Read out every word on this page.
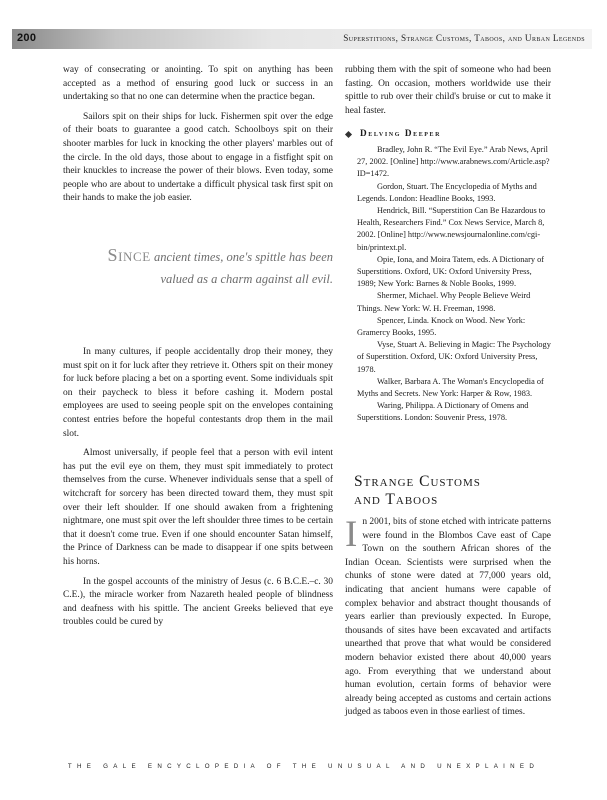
200	Superstitions, Strange Customs, Taboos, and Urban Legends

way of consecrating or anointing. To spit on anything has been accepted as a method of ensuring good luck or success in an undertaking so that no one can determine when the practice began.

Sailors spit on their ships for luck. Fishermen spit over the edge of their boats to guarantee a good catch. Schoolboys spit on their shooter marbles for luck in knocking the other players' marbles out of the circle. In the old days, those about to engage in a fistfight spit on their knuckles to increase the power of their blows. Even today, some people who are about to undertake a difficult physical task first spit on their hands to make the job easier.

Since ancient times, one's spittle has been
valued as a charm against all evil.

In many cultures, if people accidentally drop their money, they must spit on it for luck after they retrieve it. Others spit on their money for luck before placing a bet on a sporting event. Some individuals spit on their paycheck to bless it before cashing it. Modern postal employees are used to seeing people spit on the envelopes containing contest entries before the hopeful contestants drop them in the mail slot.

Almost universally, if people feel that a person with evil intent has put the evil eye on them, they must spit immediately to protect themselves from the curse. Whenever individuals sense that a spell of witchcraft for sorcery has been directed toward them, they must spit over their left shoulder. If one should awaken from a frightening nightmare, one must spit over the left shoulder three times to be certain that it doesn't come true. Even if one should encounter Satan himself, the Prince of Darkness can be made to disappear if one spits between his horns.

In the gospel accounts of the ministry of Jesus (c. 6 B.C.E.–c. 30 C.E.), the miracle worker from Nazareth healed people of blindness and deafness with his spittle. The ancient Greeks believed that eye troubles could be cured by

rubbing them with the spit of someone who had been fasting. On occasion, mothers worldwide use their spittle to rub over their child's bruise or cut to make it heal faster.

Delving Deeper

Bradley, John R. “The Evil Eye.” Arab News, April 27, 2002. [Online] http://www.arabnews.com/Article.asp?ID=1472.

Gordon, Stuart. The Encyclopedia of Myths and Legends. London: Headline Books, 1993.

Hendrick, Bill. “Superstition Can Be Hazardous to Health, Researchers Find.” Cox News Service, March 8, 2002. [Online] http://www.newsjournalonline.com/cgi-bin/printext.pl.

Opie, Iona, and Moira Tatem, eds. A Dictionary of Superstitions. Oxford, UK: Oxford University Press, 1989; New York: Barnes & Noble Books, 1999.

Shermer, Michael. Why People Believe Weird Things. New York: W. H. Freeman, 1998.

Spencer, Linda. Knock on Wood. New York: Gramercy Books, 1995.

Vyse, Stuart A. Believing in Magic: The Psychology of Superstition. Oxford, UK: Oxford University Press, 1978.

Walker, Barbara A. The Woman's Encyclopedia of Myths and Secrets. New York: Harper & Row, 1983.

Waring, Philippa. A Dictionary of Omens and Superstitions. London: Souvenir Press, 1978.

Strange Customs
and Taboos

In 2001, bits of stone etched with intricate patterns were found in the Blombos Cave east of Cape Town on the southern African shores of the Indian Ocean. Scientists were surprised when the chunks of stone were dated at 77,000 years old, indicating that ancient humans were capable of complex behavior and abstract thought thousands of years earlier than previously expected. In Europe, thousands of sites have been excavated and artifacts unearthed that prove that what would be considered modern behavior existed there about 40,000 years ago. From everything that we understand about human evolution, certain forms of behavior were already being accepted as customs and certain actions judged as taboos even in those earliest of times.

THE GALE ENCYCLOPEDIA OF THE UNUSUAL AND UNEXPLAINED
